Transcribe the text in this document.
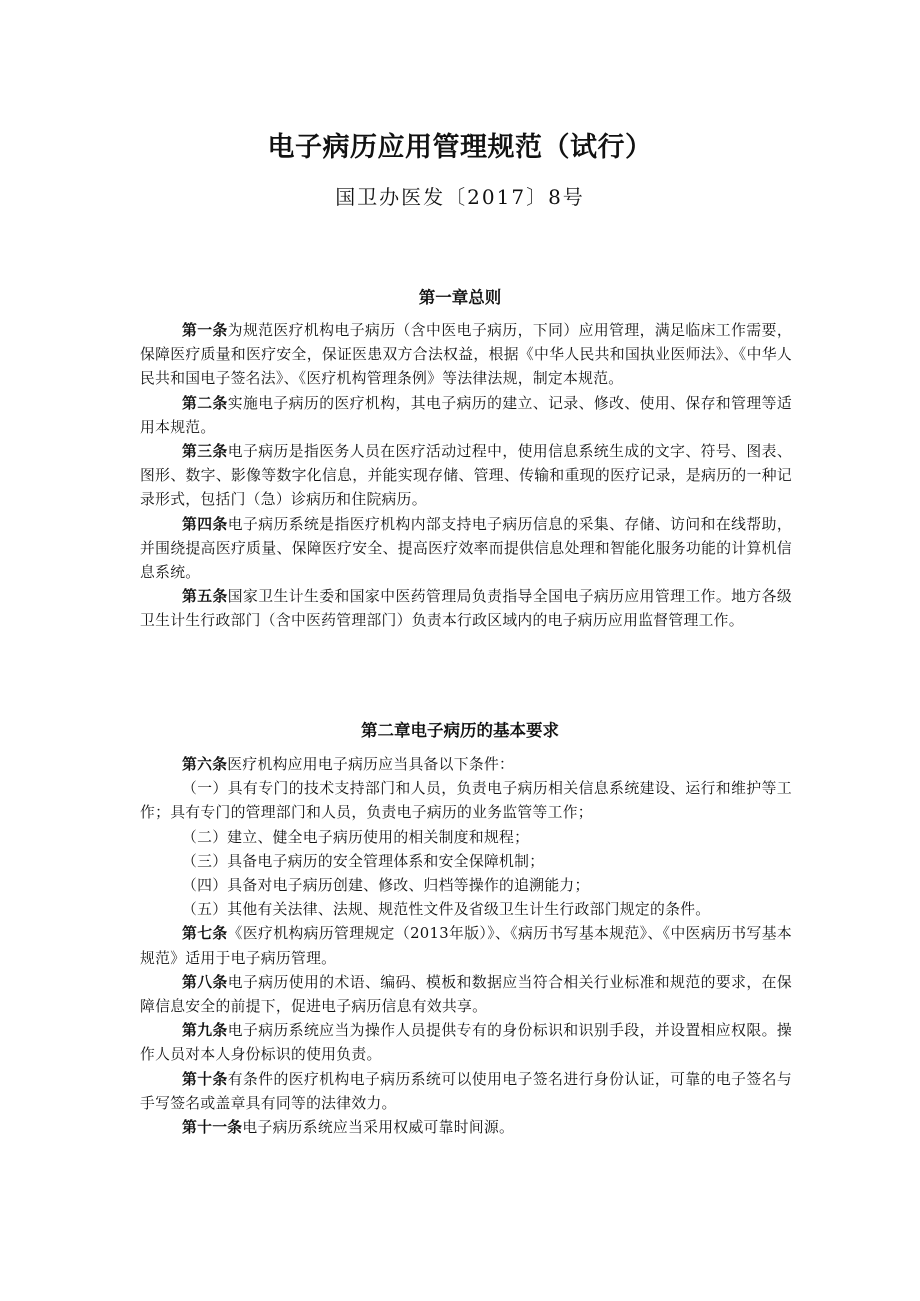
电子病历应用管理规范（试行）
国卫办医发〔2017〕8号
第一章总则

第一条为规范医疗机构电子病历（含中医电子病历，下同）应用管理，满足临床工作需要，保障医疗质量和医疗安全，保证医患双方合法权益，根据《中华人民共和国执业医师法》、《中华人民共和国电子签名法》、《医疗机构管理条例》等法律法规，制定本规范。

第二条实施电子病历的医疗机构，其电子病历的建立、记录、修改、使用、保存和管理等适用本规范。

第三条电子病历是指医务人员在医疗活动过程中，使用信息系统生成的文字、符号、图表、图形、数字、影像等数字化信息，并能实现存储、管理、传输和重现的医疗记录，是病历的一种记录形式，包括门（急）诊病历和住院病历。

第四条电子病历系统是指医疗机构内部支持电子病历信息的采集、存储、访问和在线帮助，并围绕提高医疗质量、保障医疗安全、提高医疗效率而提供信息处理和智能化服务功能的计算机信息系统。

第五条国家卫生计生委和国家中医药管理局负责指导全国电子病历应用管理工作。地方各级卫生计生行政部门（含中医药管理部门）负责本行政区域内的电子病历应用监督管理工作。

第二章电子病历的基本要求

第六条医疗机构应用电子病历应当具备以下条件：

（一）具有专门的技术支持部门和人员，负责电子病历相关信息系统建设、运行和维护等工作；具有专门的管理部门和人员，负责电子病历的业务监管等工作；

（二）建立、健全电子病历使用的相关制度和规程；

（三）具备电子病历的安全管理体系和安全保障机制；

（四）具备对电子病历创建、修改、归档等操作的追溯能力；

（五）其他有关法律、法规、规范性文件及省级卫生计生行政部门规定的条件。

第七条《医疗机构病历管理规定（2013年版）》、《病历书写基本规范》、《中医病历书写基本规范》适用于电子病历管理。

第八条电子病历使用的术语、编码、模板和数据应当符合相关行业标准和规范的要求，在保障信息安全的前提下，促进电子病历信息有效共享。

第九条电子病历系统应当为操作人员提供专有的身份标识和识别手段，并设置相应权限。操作人员对本人身份标识的使用负责。

第十条有条件的医疗机构电子病历系统可以使用电子签名进行身份认证，可靠的电子签名与手写签名或盖章具有同等的法律效力。

第十一条电子病历系统应当采用权威可靠时间源。
